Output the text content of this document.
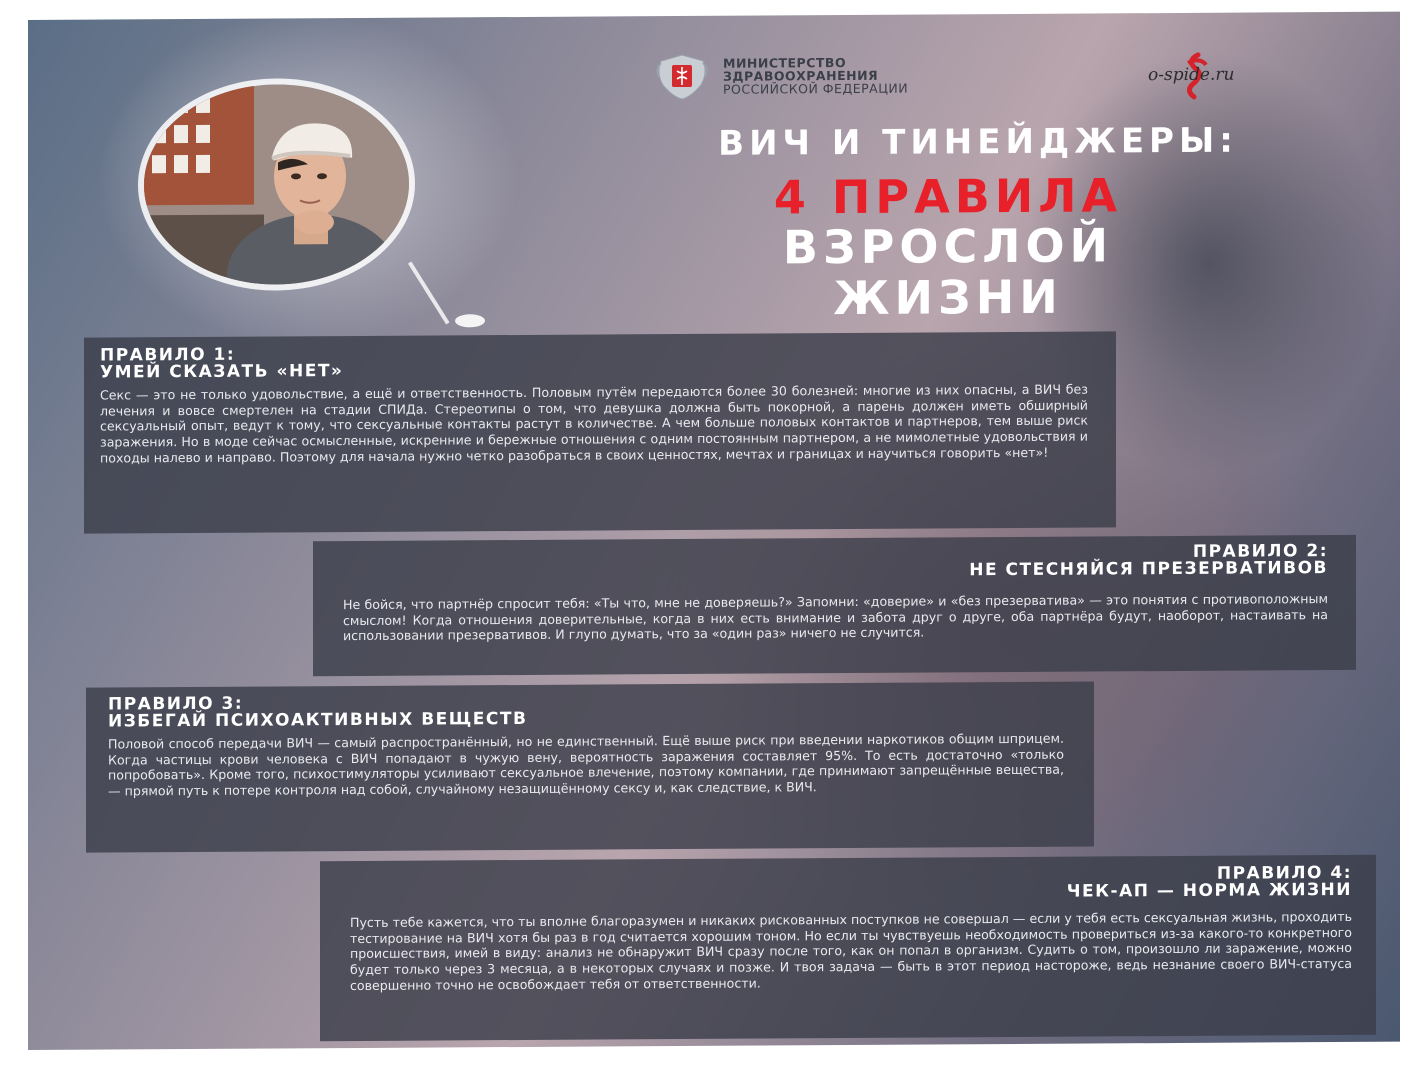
МИНИСТЕРСТВО
ЗДРАВООХРАНЕНИЯ
РОССИЙСКОЙ ФЕДЕРАЦИИ
o-spide.ru
ВИЧ И ТИНЕЙДЖЕРЫ:
4 ПРАВИЛА
ВЗРОСЛОЙ
ЖИЗНИ
ПРАВИЛО 1:
УМЕЙ СКАЗАТЬ «НЕТ»
Секс — это не только удовольствие, а ещё и ответственность. Половым путём передаются более 30 болезней: многие из них опасны, а ВИЧ без лечения и вовсе смертелен на стадии СПИДа. Стереотипы о том, что девушка должна быть покорной, а парень должен иметь обширный сексуальный опыт, ведут к тому, что сексуальные контакты растут в количестве. А чем больше половых контактов и партнеров, тем выше риск заражения. Но в моде сейчас осмысленные, искренние и бережные отношения с одним постоянным партнером, а не мимолетные удовольствия и походы налево и направо. Поэтому для начала нужно четко разобраться в своих ценностях, мечтах и границах и научиться говорить «нет»!
ПРАВИЛО 2:
НЕ СТЕСНЯЙСЯ ПРЕЗЕРВАТИВОВ
Не бойся, что партнёр спросит тебя: «Ты что, мне не доверяешь?» Запомни: «доверие» и «без презерватива» — это понятия с противоположным смыслом! Когда отношения доверительные, когда в них есть внимание и забота друг о друге, оба партнёра будут, наоборот, настаивать на использовании презервативов. И глупо думать, что за «один раз» ничего не случится.
ПРАВИЛО 3:
ИЗБЕГАЙ ПСИХОАКТИВНЫХ ВЕЩЕСТВ
Половой способ передачи ВИЧ — самый распространённый, но не единственный. Ещё выше риск при введении наркотиков общим шприцем. Когда частицы крови человека с ВИЧ попадают в чужую вену, вероятность заражения составляет 95%. То есть достаточно «только попробовать». Кроме того, психостимуляторы усиливают сексуальное влечение, поэтому компании, где принимают запрещённые вещества, — прямой путь к потере контроля над собой, случайному незащищённому сексу и, как следствие, к ВИЧ.
ПРАВИЛО 4:
ЧЕК-АП — НОРМА ЖИЗНИ
Пусть тебе кажется, что ты вполне благоразумен и никаких рискованных поступков не совершал — если у тебя есть сексуальная жизнь, проходить тестирование на ВИЧ хотя бы раз в год считается хорошим тоном. Но если ты чувствуешь необходимость провериться из-за какого-то конкретного происшествия, имей в виду: анализ не обнаружит ВИЧ сразу после того, как он попал в организм. Судить о том, произошло ли заражение, можно будет только через 3 месяца, а в некоторых случаях и позже. И твоя задача — быть в этот период настороже, ведь незнание своего ВИЧ-статуса совершенно точно не освобождает тебя от ответственности.
